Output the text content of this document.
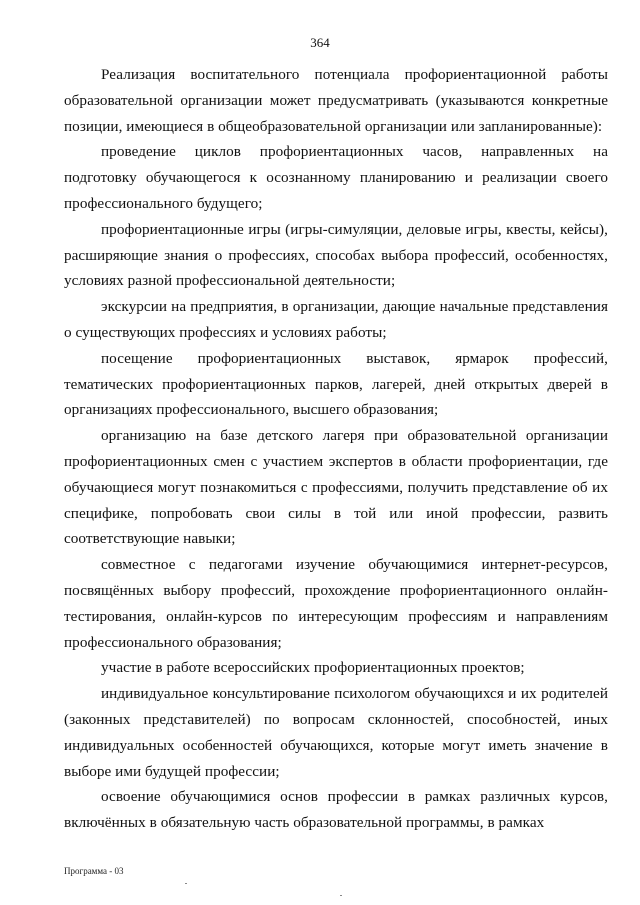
364

Реализация воспитательного потенциала профориентационной работы образовательной организации может предусматривать (указываются конкретные позиции, имеющиеся в общеобразовательной организации или запланированные):

проведение циклов профориентационных часов, направленных на подготовку обучающегося к осознанному планированию и реализации своего профессионального будущего;

профориентационные игры (игры-симуляции, деловые игры, квесты, кейсы), расширяющие знания о профессиях, способах выбора профессий, особенностях, условиях разной профессиональной деятельности;

экскурсии на предприятия, в организации, дающие начальные представления о существующих профессиях и условиях работы;

посещение профориентационных выставок, ярмарок профессий, тематических профориентационных парков, лагерей, дней открытых дверей в организациях профессионального, высшего образования;

организацию на базе детского лагеря при образовательной организации профориентационных смен с участием экспертов в области профориентации, где обучающиеся могут познакомиться с профессиями, получить представление об их специфике, попробовать свои силы в той или иной профессии, развить соответствующие навыки;

совместное с педагогами изучение обучающимися интернет-ресурсов, посвящённых выбору профессий, прохождение профориентационного онлайн-тестирования, онлайн-курсов по интересующим профессиям и направлениям профессионального образования;

участие в работе всероссийских профориентационных проектов;

индивидуальное консультирование психологом обучающихся и их родителей (законных представителей) по вопросам склонностей, способностей, иных индивидуальных особенностей обучающихся, которые могут иметь значение в выборе ими будущей профессии;

освоение обучающимися основ профессии в рамках различных курсов, включённых в обязательную часть образовательной программы, в рамках

Программа - 03
